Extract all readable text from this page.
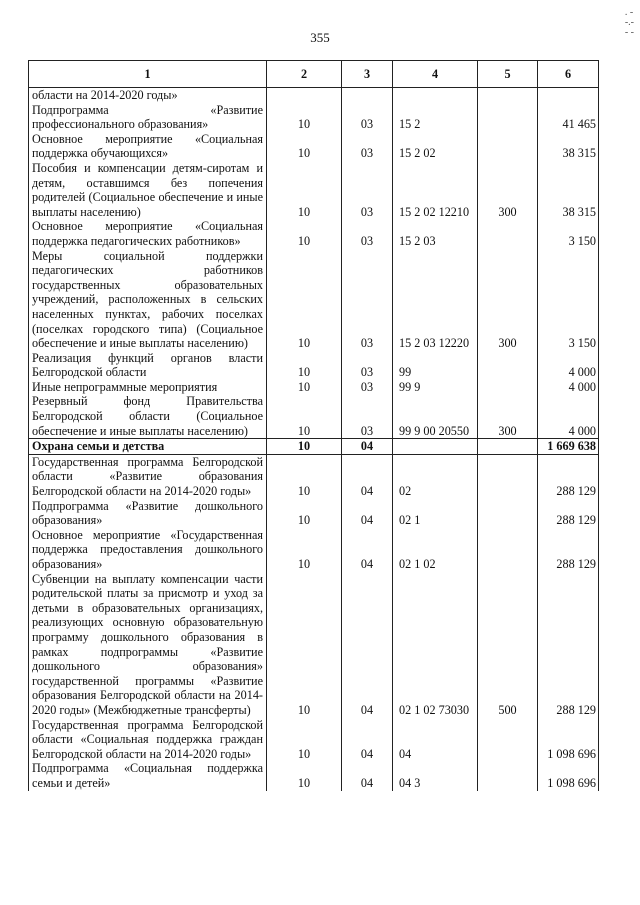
355
. -
-.-
- -
1	2	3	4	5	6
области на 2014-2020 годы»					
Подпрограмма «Развитие профессионального образования»	10	03	15 2		41 465
Основное мероприятие «Социальная поддержка обучающихся»	10	03	15 2 02		38 315
Пособия и компенсации детям-сиротам и детям, оставшимся без попечения родителей (Социальное обеспечение и иные выплаты населению)	10	03	15 2 02 12210	300	38 315
Основное мероприятие «Социальная поддержка педагогических работников»	10	03	15 2 03		3 150
Меры социальной поддержки педагогических работников государственных образовательных учреждений, расположенных в сельских населенных пунктах, рабочих поселках (поселках городского типа) (Социальное обеспечение и иные выплаты населению)	10	03	15 2 03 12220	300	3 150
Реализация функций органов власти Белгородской области	10	03	99		4 000
Иные непрограммные мероприятия	10	03	99 9		4 000
Резервный фонд Правительства Белгородской области (Социальное обеспечение и иные выплаты населению)	10	03	99 9 00 20550	300	4 000
Охрана семьи и детства	10	04			1 669 638
Государственная программа Белгородской области «Развитие образования Белгородской области на 2014-2020 годы»	10	04	02		288 129
Подпрограмма «Развитие дошкольного образования»	10	04	02 1		288 129
Основное мероприятие «Государственная поддержка предоставления дошкольного образования»	10	04	02 1 02		288 129
Субвенции на выплату компенсации части родительской платы за присмотр и уход за детьми в образовательных организациях, реализующих основную образовательную программу дошкольного образования в рамках подпрограммы «Развитие дошкольного образования» государственной программы «Развитие образования Белгородской области на 2014-2020 годы» (Межбюджетные трансферты)	10	04	02 1 02 73030	500	288 129
Государственная программа Белгородской области «Социальная поддержка граждан Белгородской области на 2014-2020 годы»	10	04	04		1 098 696
Подпрограмма «Социальная поддержка семьи и детей»	10	04	04 3		1 098 696
